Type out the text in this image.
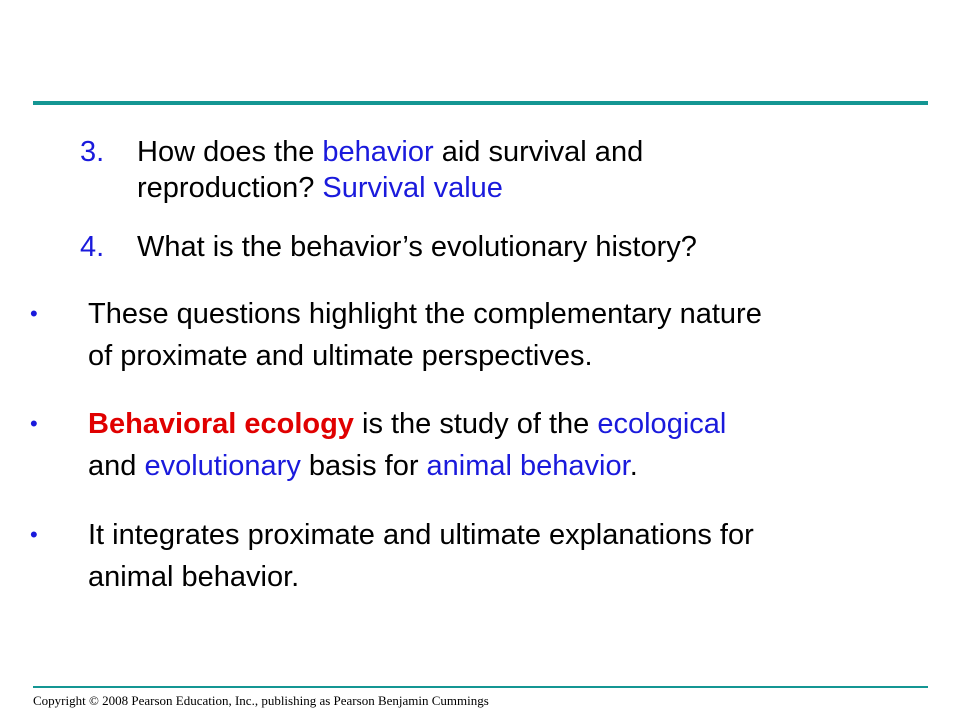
3.	How does the behavior aid survival and
reproduction? Survival value
4.	What is the behavior’s evolutionary history?
• These questions highlight the complementary nature
of proximate and ultimate perspectives.
• Behavioral ecology is the study of the ecological
and evolutionary basis for animal behavior.
• It integrates proximate and ultimate explanations for
animal behavior.
Copyright © 2008 Pearson Education, Inc., publishing as Pearson Benjamin Cummings
